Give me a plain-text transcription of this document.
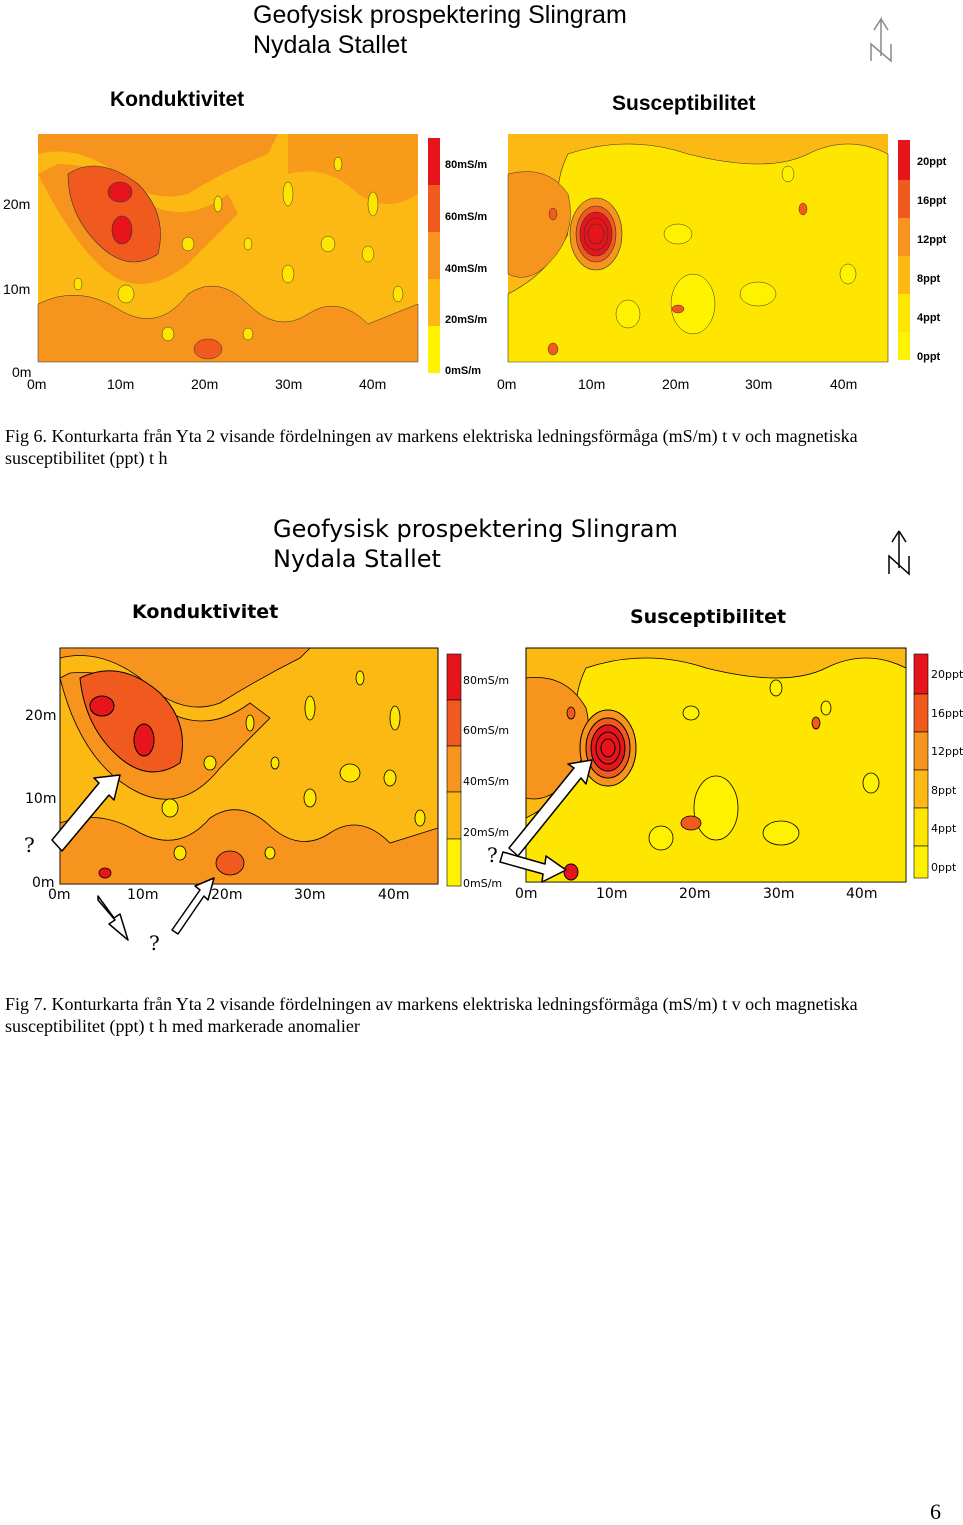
Geofysisk prospektering Slingram
Nydala Stallet
Konduktivitet	Susceptibilitet
80mS/m
60mS/m
40mS/m
20mS/m
0mS/m
20ppt
16ppt
12ppt
8ppt
4ppt
0ppt
20m
10m
0m
0m	10m	20m	30m	40m	0m	10m	20m	30m	40m
Fig 6. Konturkarta från Yta 2 visande fördelningen av markens elektriska ledningsförmåga (mS/m) t v och magnetiska susceptibilitet (ppt) t h
Geofysisk prospektering Slingram
Nydala Stallet
Konduktivitet	Susceptibilitet
80mS/m
60mS/m
40mS/m
20mS/m
0mS/m
20ppt
16ppt
12ppt
8ppt
4ppt
0ppt
20m
10m
0m
0m	10m	20m	30m	40m	0m	10m	20m	30m	40m
?	?
?
Fig 7. Konturkarta från Yta 2 visande fördelningen av markens elektriska ledningsförmåga (mS/m) t v och magnetiska susceptibilitet (ppt) t h med markerade anomalier
6
